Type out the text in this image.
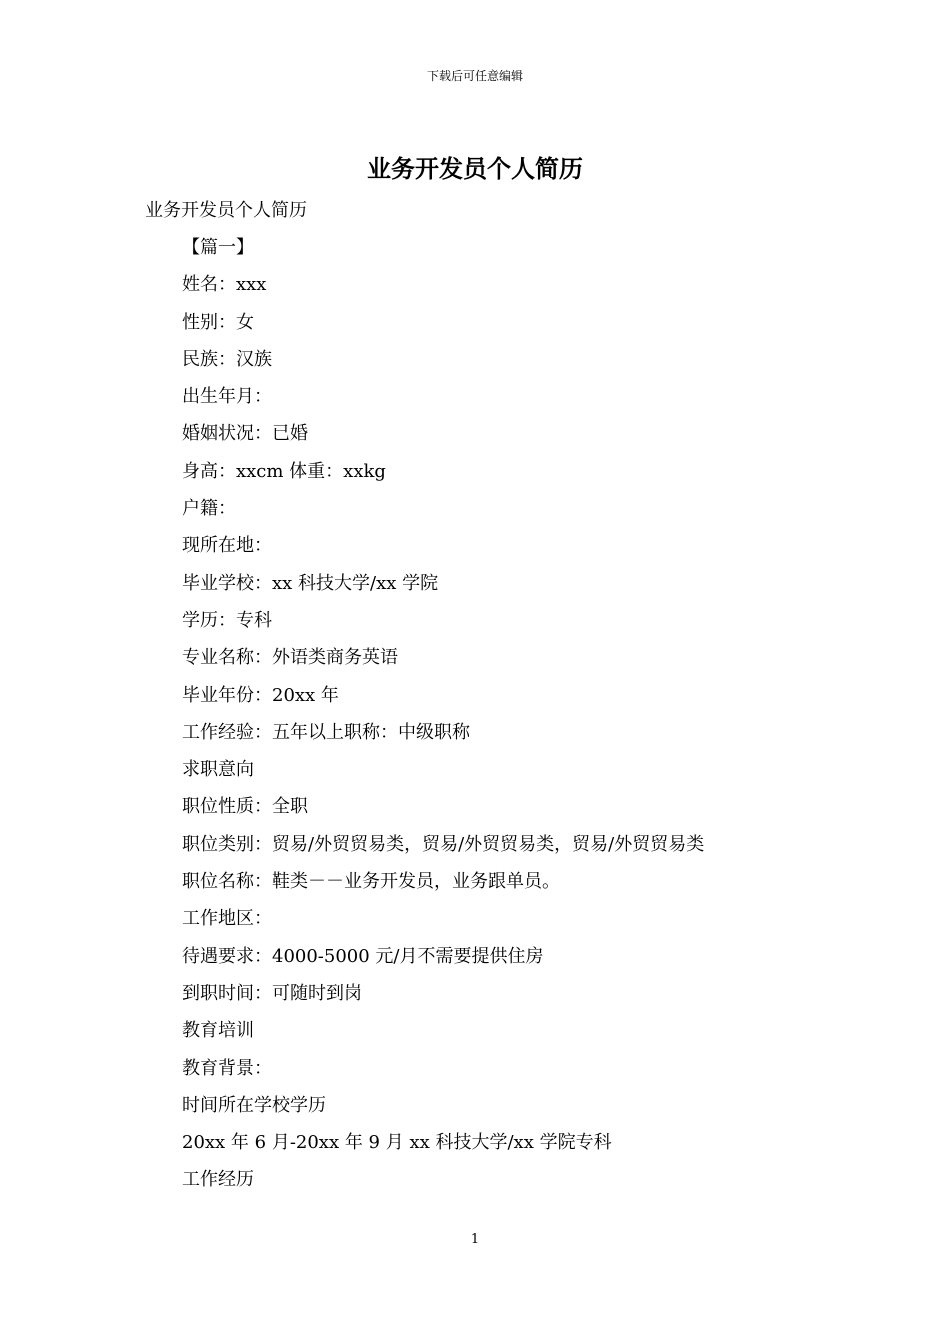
下载后可任意编辑
业务开发员个人简历
业务开发员个人简历
【篇一】
姓名：xxx
性别：女
民族：汉族
出生年月：
婚姻状况：已婚
身高：xxcm 体重：xxkg
户籍：
现所在地：
毕业学校：xx 科技大学/xx 学院
学历：专科
专业名称：外语类商务英语
毕业年份：20xx 年
工作经验：五年以上职称：中级职称
求职意向
职位性质：全职
职位类别：贸易/外贸贸易类，贸易/外贸贸易类，贸易/外贸贸易类
职位名称：鞋类－－业务开发员，业务跟单员。
工作地区：
待遇要求：4000-5000 元/月不需要提供住房
到职时间：可随时到岗
教育培训
教育背景：
时间所在学校学历
20xx 年 6 月-20xx 年 9 月 xx 科技大学/xx 学院专科
工作经历
1
